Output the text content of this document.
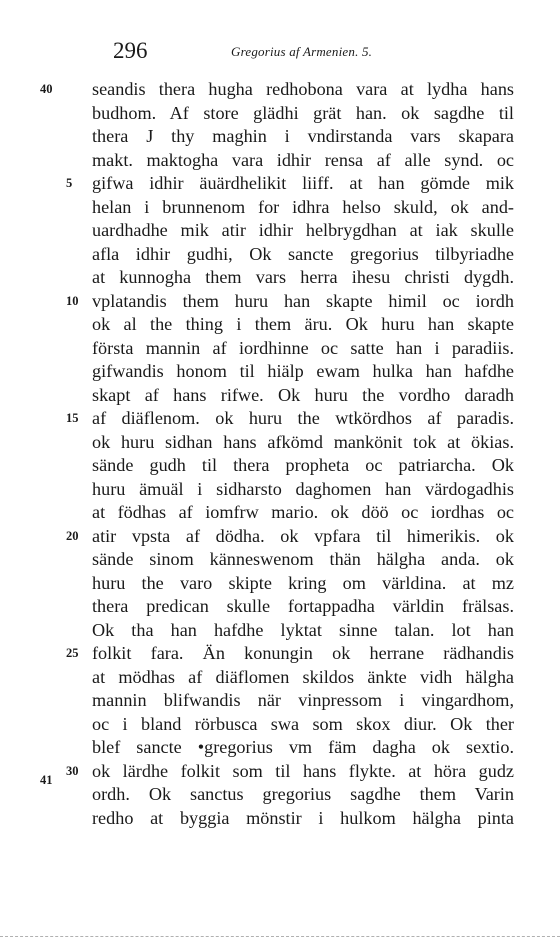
296	Gregorius af Armenien. 5.
40
41
seandis thera hugha redhobona vara at lydha hans
budhom. Af store glädhi grät han. ok sagdhe til
thera J thy maghin i vndirstanda vars skapara
makt. maktogha vara idhir rensa af alle synd. oc
5 gifwa idhir äuärdhelikit liiff. at han gömde mik
helan i brunnenom for idhra helso skuld, ok and-
uardhadhe mik atir idhir helbrygdhan at iak skulle
afla idhir gudhi, Ok sancte gregorius tilbyriadhe
at kunnogha them vars herra ihesu christi dygdh.
10 vplatandis them huru han skapte himil oc iordh
ok al the thing i them äru. Ok huru han skapte
första mannin af iordhinne oc satte han i paradiis.
gifwandis honom til hiälp ewam hulka han hafdhe
skapt af hans rifwe. Ok huru the vordho daradh
15 af diäflenom. ok huru the wtkördhos af paradis.
ok huru sidhan hans afkömd mankönit tok at ökias.
sände gudh til thera propheta oc patriarcha. Ok
huru ämuäl i sidharsto daghomen han värdogadhis
at födhas af iomfrw mario. ok döö oc iordhas oc
20 atir vpsta af dödha. ok vpfara til himerikis. ok
sände sinom känneswenom thän hälgha anda. ok
huru the varo skipte kring om världina. at mz
thera predican skulle fortappadha världin frälsas.
Ok tha han hafdhe lyktat sinne talan. lot han
25 folkit fara. Än konungin ok herrane rädhandis
at mödhas af diäflomen skildos änkte vidh hälgha
mannin blifwandis när vinpressom i vingardhom,
oc i bland rörbusca swa som skox diur. Ok ther
blef sancte •gregorius vm fäm dagha ok sextio.
30 ok lärdhe folkit som til hans flykte. at höra gudz
ordh. Ok sanctus gregorius sagdhe them Varin
redho at byggia mönstir i hulkom hälgha pinta
